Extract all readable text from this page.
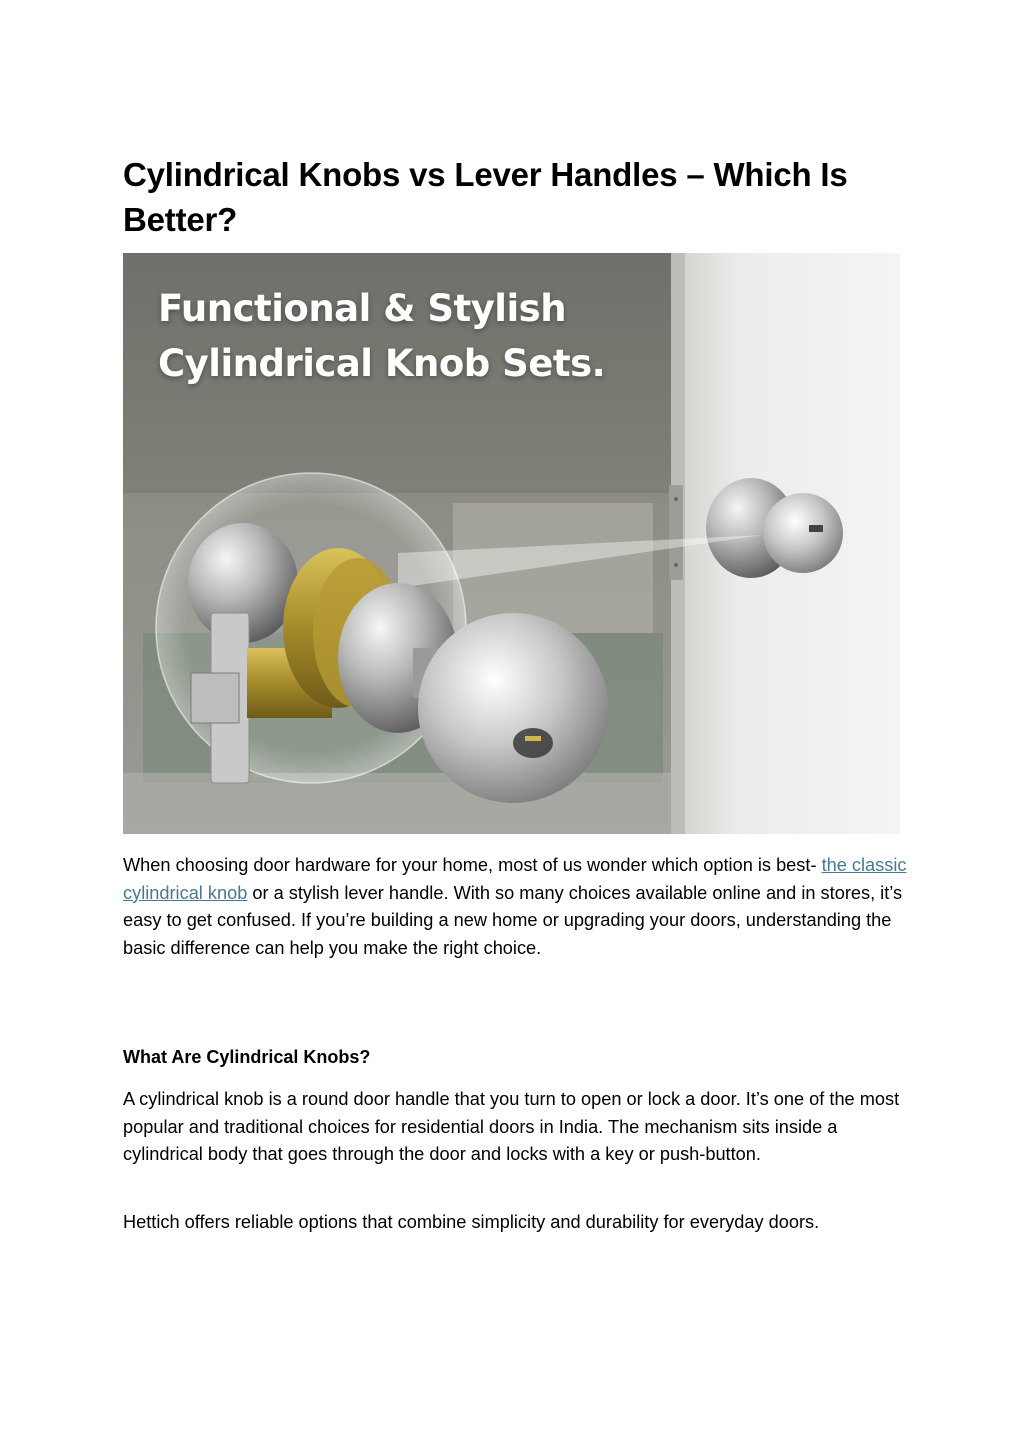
Cylindrical Knobs vs Lever Handles – Which Is Better?
Functional & Stylish
Cylindrical Knob Sets.

When choosing door hardware for your home, most of us wonder which option is best- the classic cylindrical knob or a stylish lever handle. With so many choices available online and in stores, it’s easy to get confused. If you’re building a new home or upgrading your doors, understanding the basic difference can help you make the right choice.

What Are Cylindrical Knobs?

A cylindrical knob is a round door handle that you turn to open or lock a door. It’s one of the most popular and traditional choices for residential doors in India. The mechanism sits inside a cylindrical body that goes through the door and locks with a key or push-button.

Hettich offers reliable options that combine simplicity and durability for everyday doors.
